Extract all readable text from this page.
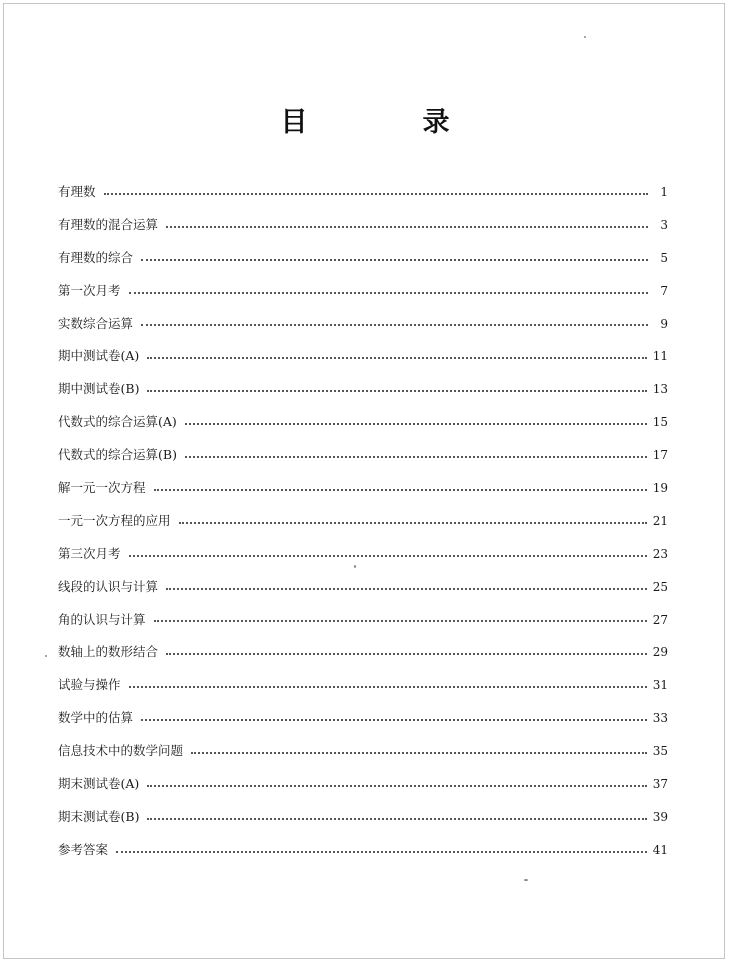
目　录
有理数	1
有理数的混合运算	3
有理数的综合	5
第一次月考	7
实数综合运算	9
期中测试卷(A)	11
期中测试卷(B)	13
代数式的综合运算(A)	15
代数式的综合运算(B)	17
解一元一次方程	19
一元一次方程的应用	21
第三次月考	23
线段的认识与计算	25
角的认识与计算	27
数轴上的数形结合	29
试验与操作	31
数学中的估算	33
信息技术中的数学问题	35
期末测试卷(A)	37
期末测试卷(B)	39
参考答案	41
